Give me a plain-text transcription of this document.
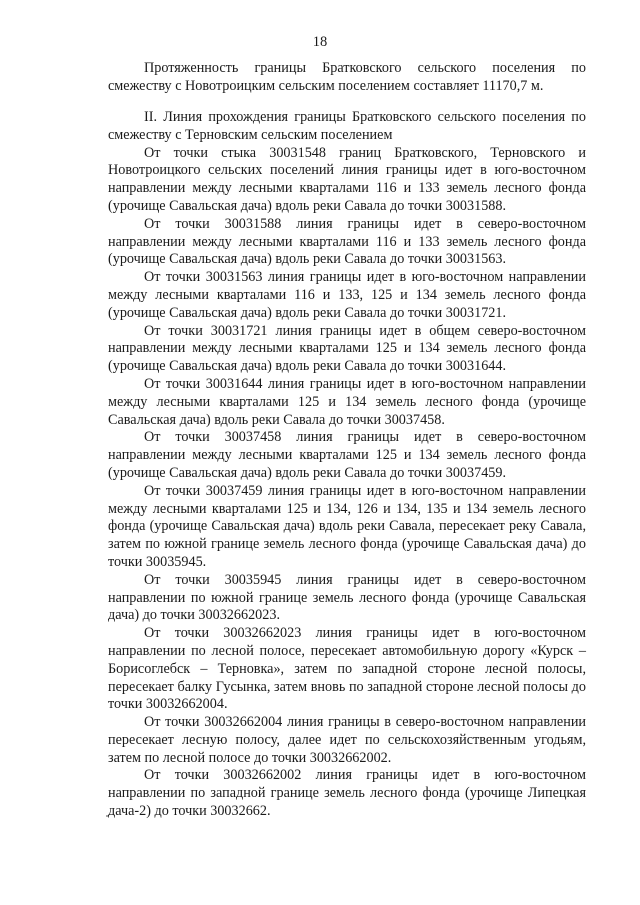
18

Протяженность границы Братковского сельского поселения по смежеству с Новотроицким сельским поселением составляет 11170,7 м.

II. Линия прохождения границы Братковского сельского поселения по смежеству с Терновским сельским поселением

От точки стыка 30031548 границ Братковского, Терновского и Новотроицкого сельских поселений линия границы идет в юго-восточном направлении между лесными кварталами 116 и 133 земель лесного фонда (урочище Савальская дача) вдоль реки Савала до точки 30031588.

От точки 30031588 линия границы идет в северо-восточном направлении между лесными кварталами 116 и 133 земель лесного фонда (урочище Савальская дача) вдоль реки Савала до точки 30031563.

От точки 30031563 линия границы идет в юго-восточном направлении между лесными кварталами 116 и 133, 125 и 134 земель лесного фонда (урочище Савальская дача) вдоль реки Савала до точки 30031721.

От точки 30031721 линия границы идет в общем северо-восточном направлении между лесными кварталами 125 и 134 земель лесного фонда (урочище Савальская дача) вдоль реки Савала до точки 30031644.

От точки 30031644 линия границы идет в юго-восточном направлении между лесными кварталами 125 и 134 земель лесного фонда (урочище Савальская дача) вдоль реки Савала до точки 30037458.

От точки 30037458 линия границы идет в северо-восточном направлении между лесными кварталами 125 и 134 земель лесного фонда (урочище Савальская дача) вдоль реки Савала до точки 30037459.

От точки 30037459 линия границы идет в юго-восточном направлении между лесными кварталами 125 и 134, 126 и 134, 135 и 134 земель лесного фонда (урочище Савальская дача) вдоль реки Савала, пересекает реку Савала, затем по южной границе земель лесного фонда (урочище Савальская дача) до точки 30035945.

От точки 30035945 линия границы идет в северо-восточном направлении по южной границе земель лесного фонда (урочище Савальская дача) до точки 30032662023.

От точки 30032662023 линия границы идет в юго-восточном направлении по лесной полосе, пересекает автомобильную дорогу «Курск – Борисоглебск – Терновка», затем по западной стороне лесной полосы, пересекает балку Гусынка, затем вновь по западной стороне лесной полосы до точки 30032662004.

От точки 30032662004 линия границы в северо-восточном направлении пересекает лесную полосу, далее идет по сельскохозяйственным угодьям, затем по лесной полосе до точки 30032662002.

От точки 30032662002 линия границы идет в юго-восточном направлении по западной границе земель лесного фонда (урочище Липецкая дача-2) до точки 30032662.
